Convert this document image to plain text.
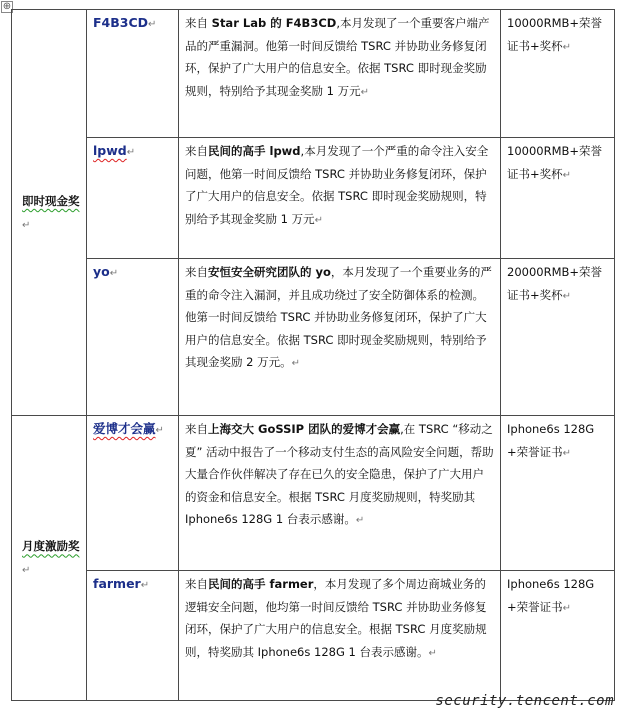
⊕
即时现金奖↵	F4B3CD↵	来自 Star Lab 的 F4B3CD,本月发现了一个重要客户端产品的严重漏洞。他第一时间反馈给 TSRC 并协助业务修复闭环，保护了广大用户的信息安全。依据 TSRC 即时现金奖励规则，特别给予其现金奖励 1 万元↵	10000RMB+荣誉证书+奖杯↵
	lpwd↵	来自民间的高手 lpwd,本月发现了一个严重的命令注入安全问题，他第一时间反馈给 TSRC 并协助业务修复闭环，保护了广大用户的信息安全。依据 TSRC 即时现金奖励规则，特别给予其现金奖励 1 万元↵	10000RMB+荣誉证书+奖杯↵
	yo↵	来自安恒安全研究团队的 yo，本月发现了一个重要业务的严重的命令注入漏洞，并且成功绕过了安全防御体系的检测。他第一时间反馈给 TSRC 并协助业务修复闭环，保护了广大用户的信息安全。依据 TSRC 即时现金奖励规则，特别给予其现金奖励 2 万元。↵	20000RMB+荣誉证书+奖杯↵
月度激励奖↵	爱博才会赢↵	来自上海交大 GoSSIP 团队的爱博才会赢,在 TSRC “移动之夏” 活动中报告了一个移动支付生态的高风险安全问题，帮助大量合作伙伴解决了存在已久的安全隐患，保护了广大用户的资金和信息安全。根据 TSRC 月度奖励规则，特奖励其 Iphone6s 128G 1 台表示感谢。↵	Iphone6s 128G +荣誉证书↵
	farmer↵	来自民间的高手 farmer，本月发现了多个周边商城业务的逻辑安全问题，他均第一时间反馈给 TSRC 并协助业务修复闭环，保护了广大用户的信息安全。根据 TSRC 月度奖励规则，特奖励其 Iphone6s 128G 1 台表示感谢。↵	Iphone6s 128G +荣誉证书↵
security.tencent.com
